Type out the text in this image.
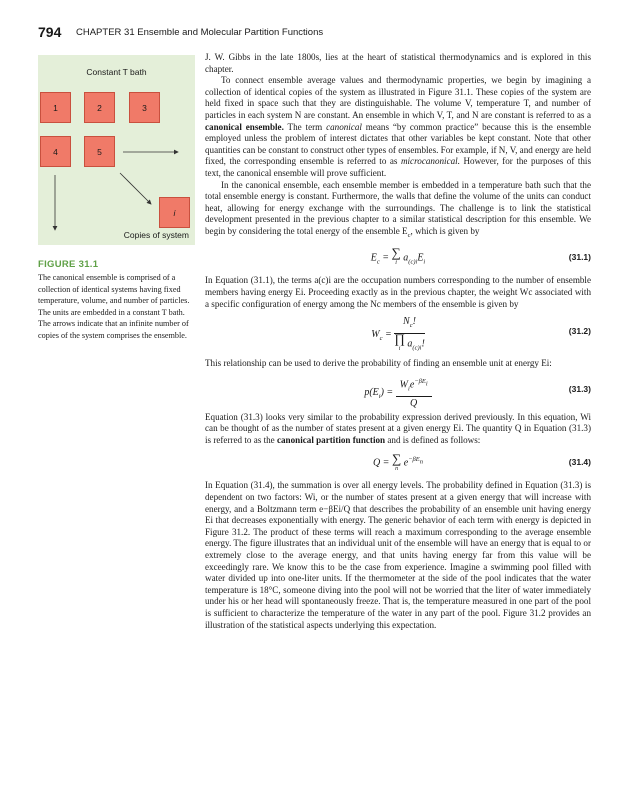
794 CHAPTER 31 Ensemble and Molecular Partition Functions
Constant T bath
1	2	3
4	5
i
Copies of system
FIGURE 31.1
The canonical ensemble is comprised of a collection of identical systems having fixed temperature, volume, and number of particles. The units are embedded in a constant T bath. The arrows indicate that an infinite number of copies of the system comprises the ensemble.

J. W. Gibbs in the late 1800s, lies at the heart of statistical thermodynamics and is explored in this chapter.

To connect ensemble average values and thermodynamic properties, we begin by imagining a collection of identical copies of the system as illustrated in Figure 31.1. These copies of the system are held fixed in space such that they are distinguishable. The volume V, temperature T, and number of particles in each system N are constant. An ensemble in which V, T, and N are constant is referred to as a canonical ensemble. The term canonical means “by common practice” because this is the ensemble employed unless the problem of interest dictates that other variables be kept constant. Note that other quantities can be constant to construct other types of ensembles. For example, if N, V, and energy are held fixed, the corresponding ensemble is referred to as microcanonical. However, for the purposes of this text, the canonical ensemble will prove sufficient.

In the canonical ensemble, each ensemble member is embedded in a temperature bath such that the total ensemble energy is constant. Furthermore, the walls that define the volume of the units can conduct heat, allowing for energy exchange with the surroundings. The challenge is to link the statistical development presented in the previous chapter to a similar statistical description for this ensemble. We begin by considering the total energy of the ensemble $E_c$, which is given by

$E_c$ = ∑
i $a_{(c)i}E_i$	(31.1)

In Equation (31.1), the terms a(c)i are the occupation numbers corresponding to the number of ensemble members having energy Ei. Proceeding exactly as in the previous chapter, the weight Wc associated with a specific configuration of energy among the Nc members of the ensemble is given by

$W_c = N_c$!
∏
i $a_{(c)i}$!	(31.2)

This relationship can be used to derive the probability of finding an ensemble unit at energy Ei:

$p(E_i) = \frac{W_ie^{-\beta E_i}}{Q}$	(31.3)

Equation (31.3) looks very similar to the probability expression derived previously. In this equation, Wi can be thought of as the number of states present at a given energy Ei. The quantity Q in Equation (31.3) is referred to as the canonical partition function and is defined as follows:

Q = ∑
n $e^{-\beta E_n}$	(31.4)

In Equation (31.4), the summation is over all energy levels. The probability defined in Equation (31.3) is dependent on two factors: Wi, or the number of states present at a given energy that will increase with energy, and a Boltzmann term e−βEi/Q that describes the probability of an ensemble unit having energy Ei that decreases exponentially with energy. The generic behavior of each term with energy is depicted in Figure 31.2. The product of these terms will reach a maximum corresponding to the average ensemble energy. The figure illustrates that an individual unit of the ensemble will have an energy that is equal to or extremely close to the average energy, and that units having energy far from this value will be exceedingly rare. We know this to be the case from experience. Imagine a swimming pool filled with water divided up into one-liter units. If the thermometer at the side of the pool indicates that the water temperature is 18°C, someone diving into the pool will not be worried that the liter of water immediately under his or her head will spontaneously freeze. That is, the temperature measured in one part of the pool is sufficient to characterize the temperature of the water in any part of the pool. Figure 31.2 provides an illustration of the statistical aspects underlying this expectation.
